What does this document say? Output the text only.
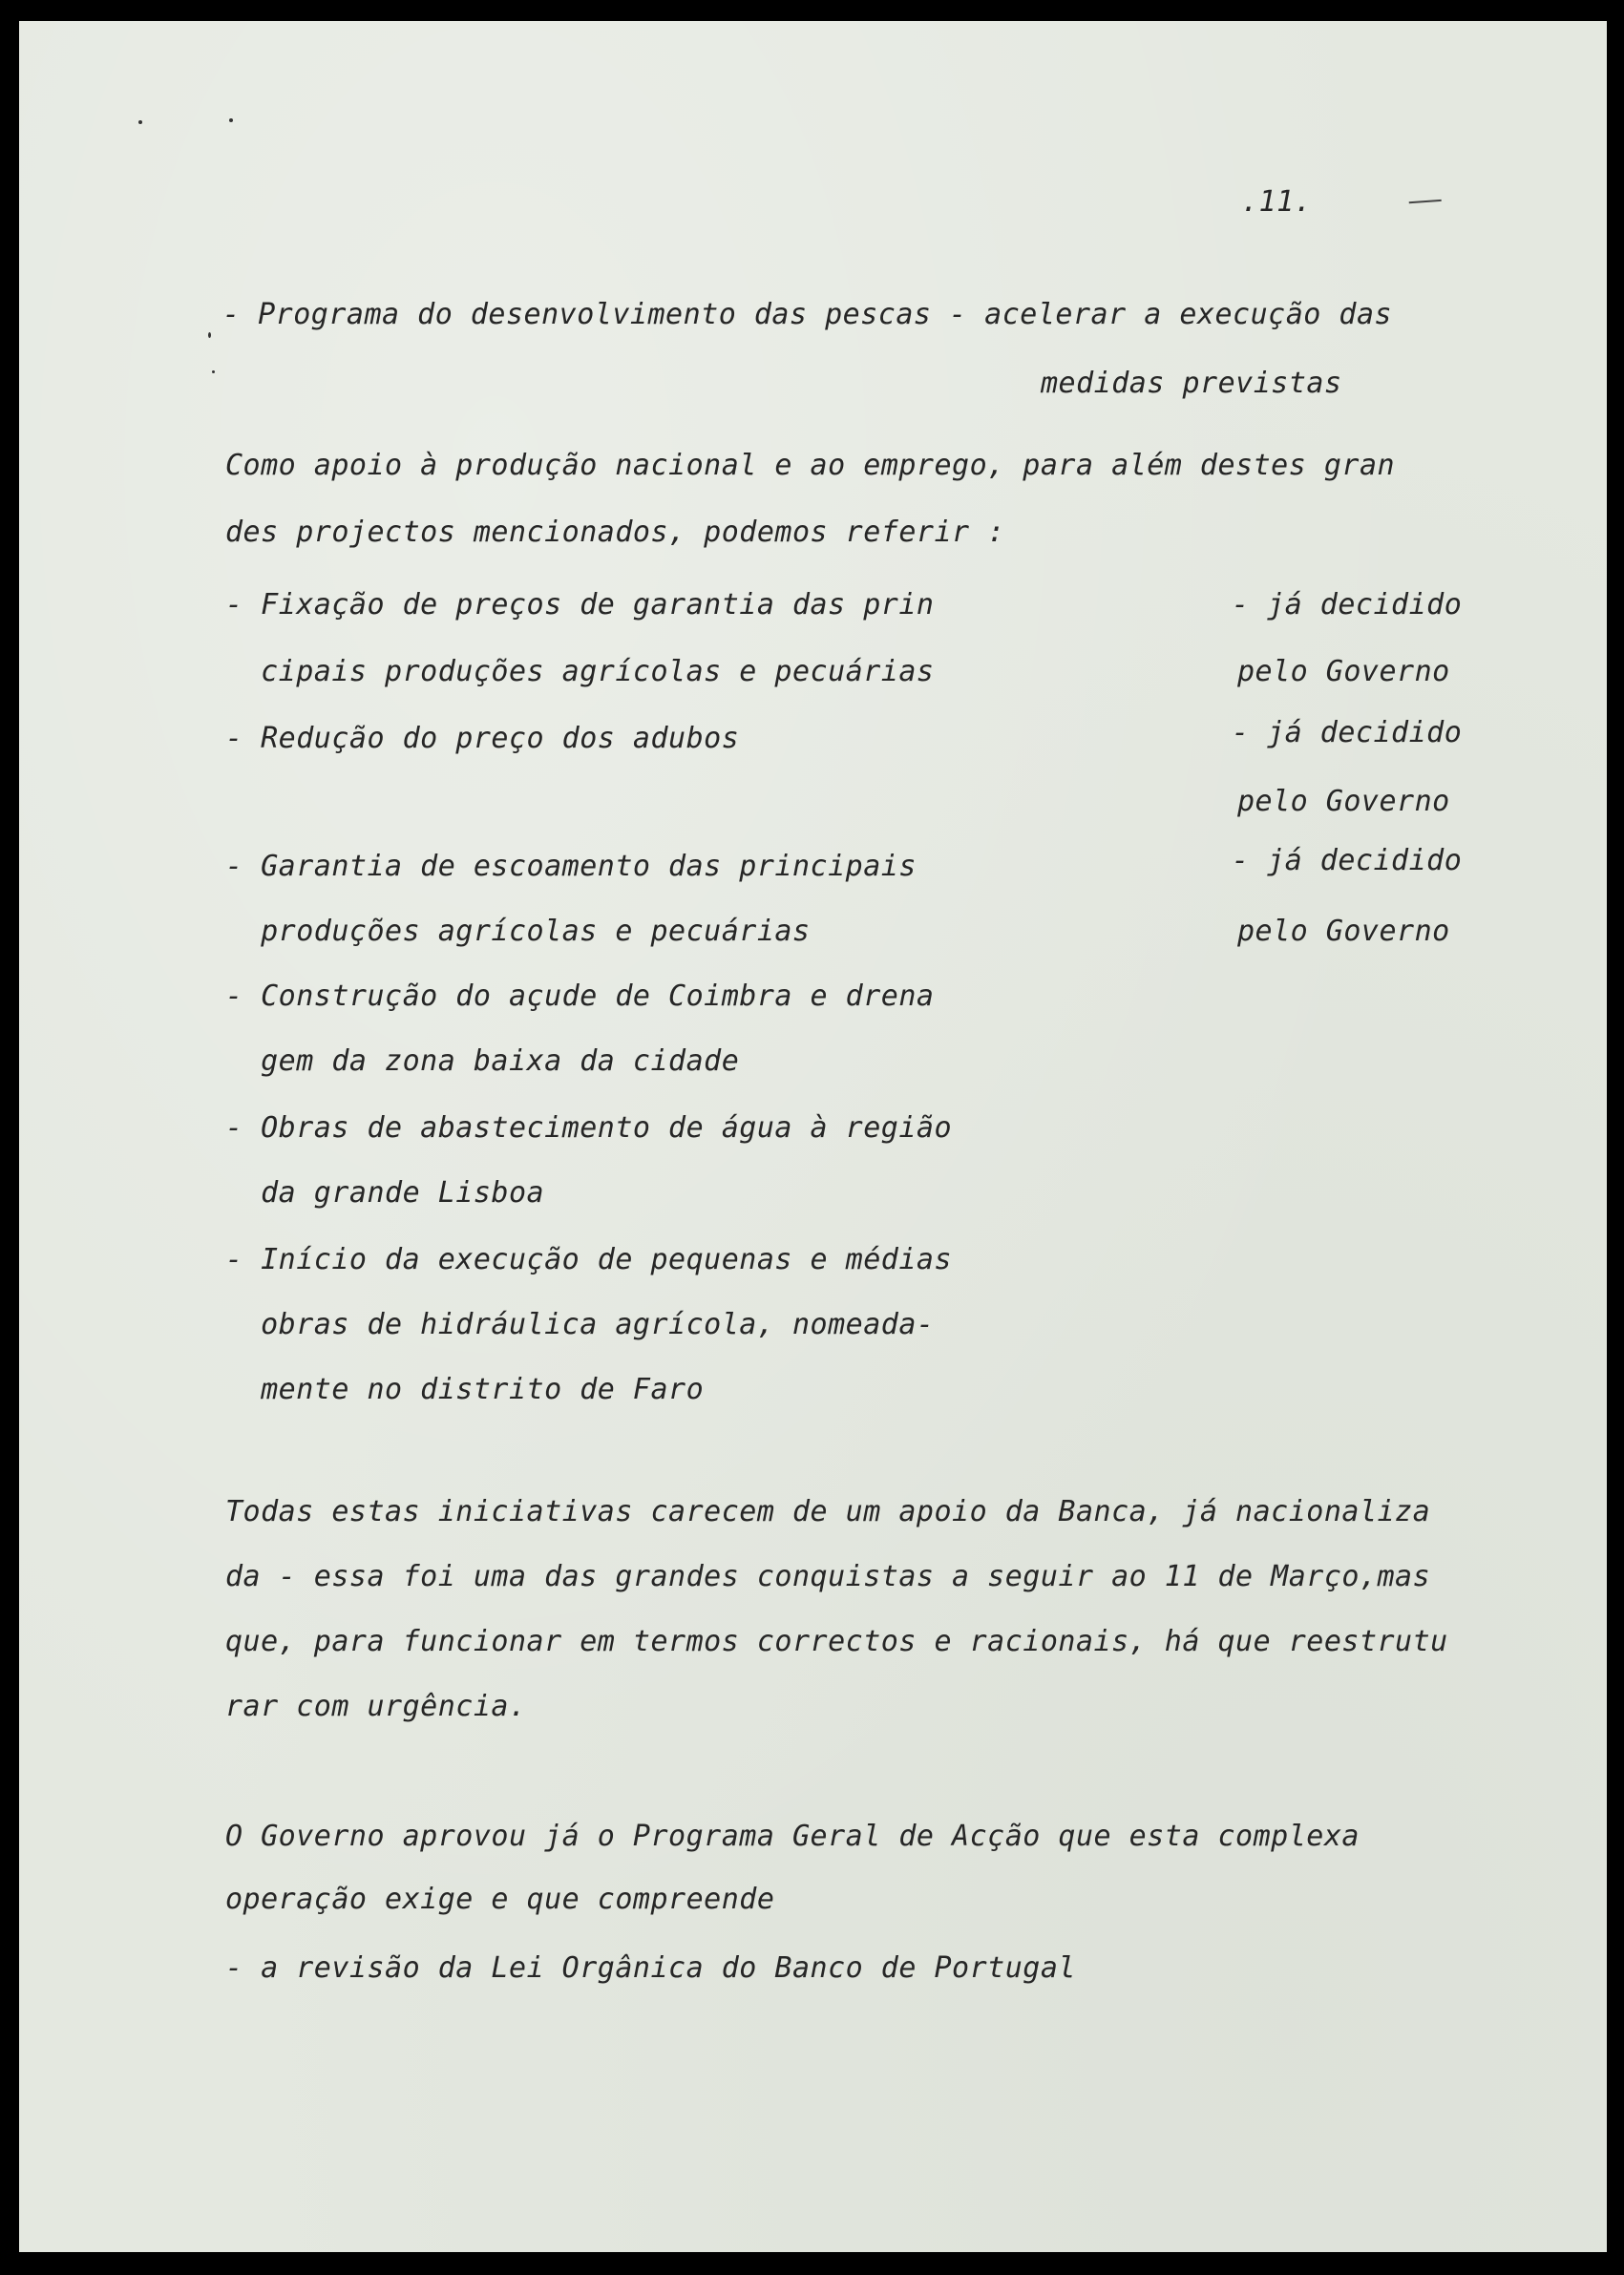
.11.
- Programa do desenvolvimento das pescas - acelerar a execução das
medidas previstas
Como apoio à produção nacional e ao emprego, para além destes gran
des projectos mencionados, podemos referir :
- Fixação de preços de garantia das prin
cipais produções agrícolas e pecuárias
- Redução do preço dos adubos
- Garantia de escoamento das principais
produções agrícolas e pecuárias
- Construção do açude de Coimbra e drena
gem da zona baixa da cidade
- Obras de abastecimento de água à região
da grande Lisboa
- Início da execução de pequenas e médias
obras de hidráulica agrícola, nomeada-
mente no distrito de Faro
- já decidido
pelo Governo
- já decidido
pelo Governo
- já decidido
pelo Governo
Todas estas iniciativas carecem de um apoio da Banca, já nacionaliza
da - essa foi uma das grandes conquistas a seguir ao 11 de Março,mas
que, para funcionar em termos correctos e racionais, há que reestrutu
rar com urgência.
O Governo aprovou já o Programa Geral de Acção que esta complexa
operação exige e que compreende
- a revisão da Lei Orgânica do Banco de Portugal
